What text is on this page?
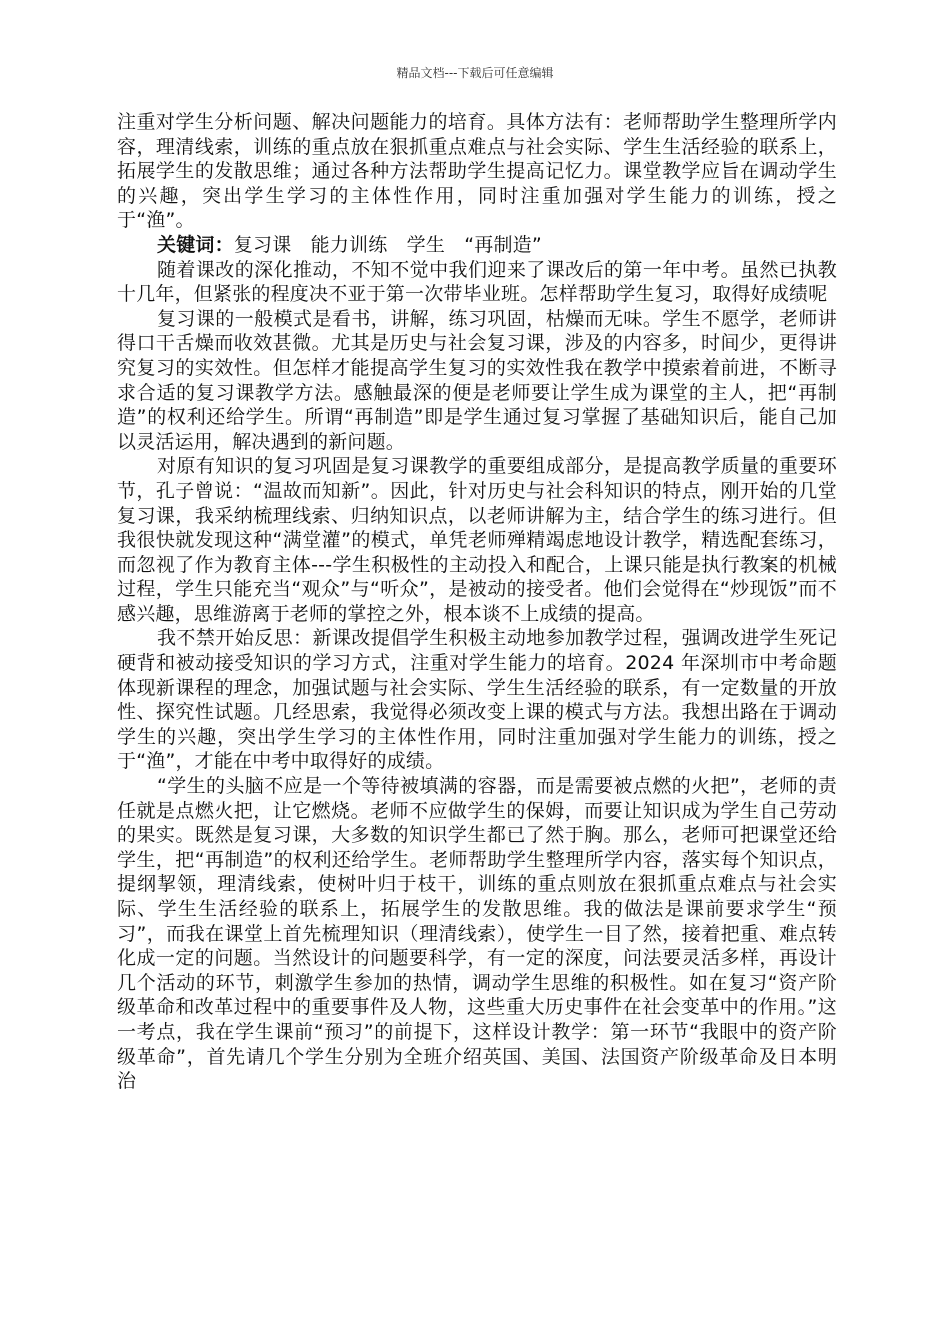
精品文档---下载后可任意编辑

注重对学生分析问题、解决问题能力的培育。具体方法有：老师帮助学生整理所学内容，理清线索，训练的重点放在狠抓重点难点与社会实际、学生生活经验的联系上，拓展学生的发散思维；通过各种方法帮助学生提高记忆力。课堂教学应旨在调动学生的兴趣，突出学生学习的主体性作用，同时注重加强对学生能力的训练，授之于“渔”。

关键词：复习课　能力训练　学生　“再制造”

随着课改的深化推动，不知不觉中我们迎来了课改后的第一年中考。虽然已执教十几年，但紧张的程度决不亚于第一次带毕业班。怎样帮助学生复习，取得好成绩呢

复习课的一般模式是看书，讲解，练习巩固，枯燥而无味。学生不愿学，老师讲得口干舌燥而收效甚微。尤其是历史与社会复习课，涉及的内容多，时间少，更得讲究复习的实效性。但怎样才能提高学生复习的实效性我在教学中摸索着前进，不断寻求合适的复习课教学方法。感触最深的便是老师要让学生成为课堂的主人，把“再制造”的权利还给学生。所谓“再制造”即是学生通过复习掌握了基础知识后，能自己加以灵活运用，解决遇到的新问题。

对原有知识的复习巩固是复习课教学的重要组成部分，是提高教学质量的重要环节，孔子曾说：“温故而知新”。因此，针对历史与社会科知识的特点，刚开始的几堂复习课，我采纳梳理线索、归纳知识点，以老师讲解为主，结合学生的练习进行。但我很快就发现这种“满堂灌”的模式，单凭老师殚精竭虑地设计教学，精选配套练习，而忽视了作为教育主体---学生积极性的主动投入和配合，上课只能是执行教案的机械过程，学生只能充当“观众”与“听众”，是被动的接受者。他们会觉得在“炒现饭”而不感兴趣，思维游离于老师的掌控之外，根本谈不上成绩的提高。

我不禁开始反思：新课改提倡学生积极主动地参加教学过程，强调改进学生死记硬背和被动接受知识的学习方式，注重对学生能力的培育。2024 年深圳市中考命题体现新课程的理念，加强试题与社会实际、学生生活经验的联系，有一定数量的开放性、探究性试题。几经思索，我觉得必须改变上课的模式与方法。我想出路在于调动学生的兴趣，突出学生学习的主体性作用，同时注重加强对学生能力的训练，授之于“渔”，才能在中考中取得好的成绩。

“学生的头脑不应是一个等待被填满的容器，而是需要被点燃的火把”，老师的责任就是点燃火把，让它燃烧。老师不应做学生的保姆，而要让知识成为学生自己劳动的果实。既然是复习课，大多数的知识学生都已了然于胸。那么，老师可把课堂还给学生，把“再制造”的权利还给学生。老师帮助学生整理所学内容，落实每个知识点，提纲挈领，理清线索，使树叶归于枝干，训练的重点则放在狠抓重点难点与社会实际、学生生活经验的联系上，拓展学生的发散思维。我的做法是课前要求学生“预习”，而我在课堂上首先梳理知识（理清线索），使学生一目了然，接着把重、难点转化成一定的问题。当然设计的问题要科学，有一定的深度，问法要灵活多样，再设计几个活动的环节，刺激学生参加的热情，调动学生思维的积极性。如在复习“资产阶级革命和改革过程中的重要事件及人物，这些重大历史事件在社会变革中的作用。”这一考点，我在学生课前“预习”的前提下，这样设计教学：第一环节“我眼中的资产阶级革命”，首先请几个学生分别为全班介绍英国、美国、法国资产阶级革命及日本明治
